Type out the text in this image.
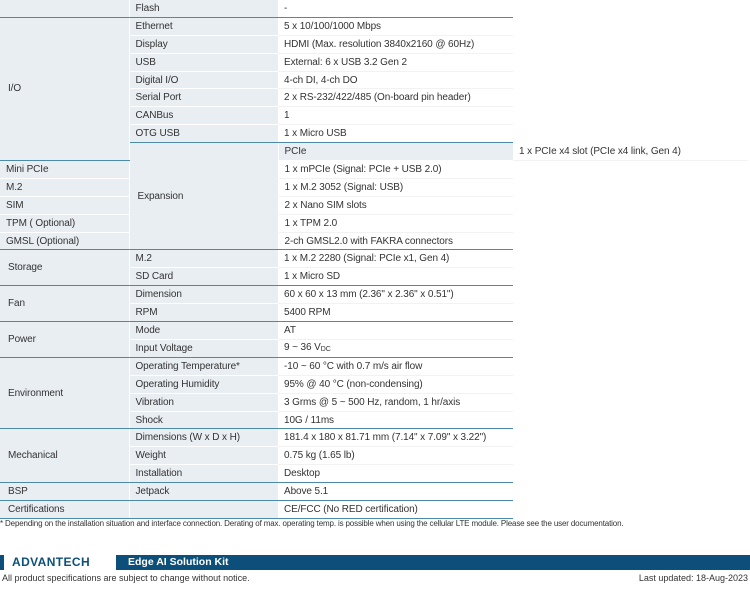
	Flash	-	
I/O	Ethernet	5 x 10/100/1000 Mbps	
	Display	HDMI (Max. resolution 3840x2160 @ 60Hz)	
	USB	External: 6 x USB 3.2 Gen 2	
	Digital I/O	4-ch DI, 4-ch DO	
	Serial Port	2 x RS-232/422/485 (On-board pin header)	
	CANBus	1	
	OTG USB	1 x Micro USB	
	Expansion	PCIe	1 x PCIe x4 slot (PCIe x4 link, Gen 4)
Mini PCIe		1 x mPCIe (Signal: PCIe + USB 2.0)	
M.2		1 x M.2 3052 (Signal: USB)	
SIM		2 x Nano SIM slots	
TPM ( Optional)		1 x TPM 2.0	
GMSL (Optional)		2-ch GMSL2.0 with FAKRA connectors	
Storage	M.2	1 x M.2 2280 (Signal: PCIe x1, Gen 4)	
	SD Card	1 x Micro SD	
Fan	Dimension	60 x 60 x 13 mm (2.36" x 2.36" x 0.51")	
	RPM	5400 RPM	
Power	Mode	AT	
	Input Voltage	9 ~ 36 $V_{DC}$
Environment	Operating Temperature*	-10 ~ 60 °C with 0.7 m/s air flow	
	Operating Humidity	95% @ 40 °C (non-condensing)	
	Vibration	3 Grms @ 5 ~ 500 Hz, random, 1 hr/axis	
	Shock	10G / 11ms	
Mechanical	Dimensions (W x D x H)	181.4 x 180 x 81.71 mm (7.14" x 7.09" x 3.22")	
	Weight	0.75 kg (1.65 lb)	
	Installation	Desktop	
BSP	Jetpack	Above 5.1	
Certifications		CE/FCC (No RED certification)	
* Depending on the installation situation and interface connection. Derating of max. operating temp. is possible when using the cellular LTE module. Please see the user documentation.
ADVANTECH	Edge AI Solution Kit
All product specifications are subject to change without notice.	Last updated: 18-Aug-2023
